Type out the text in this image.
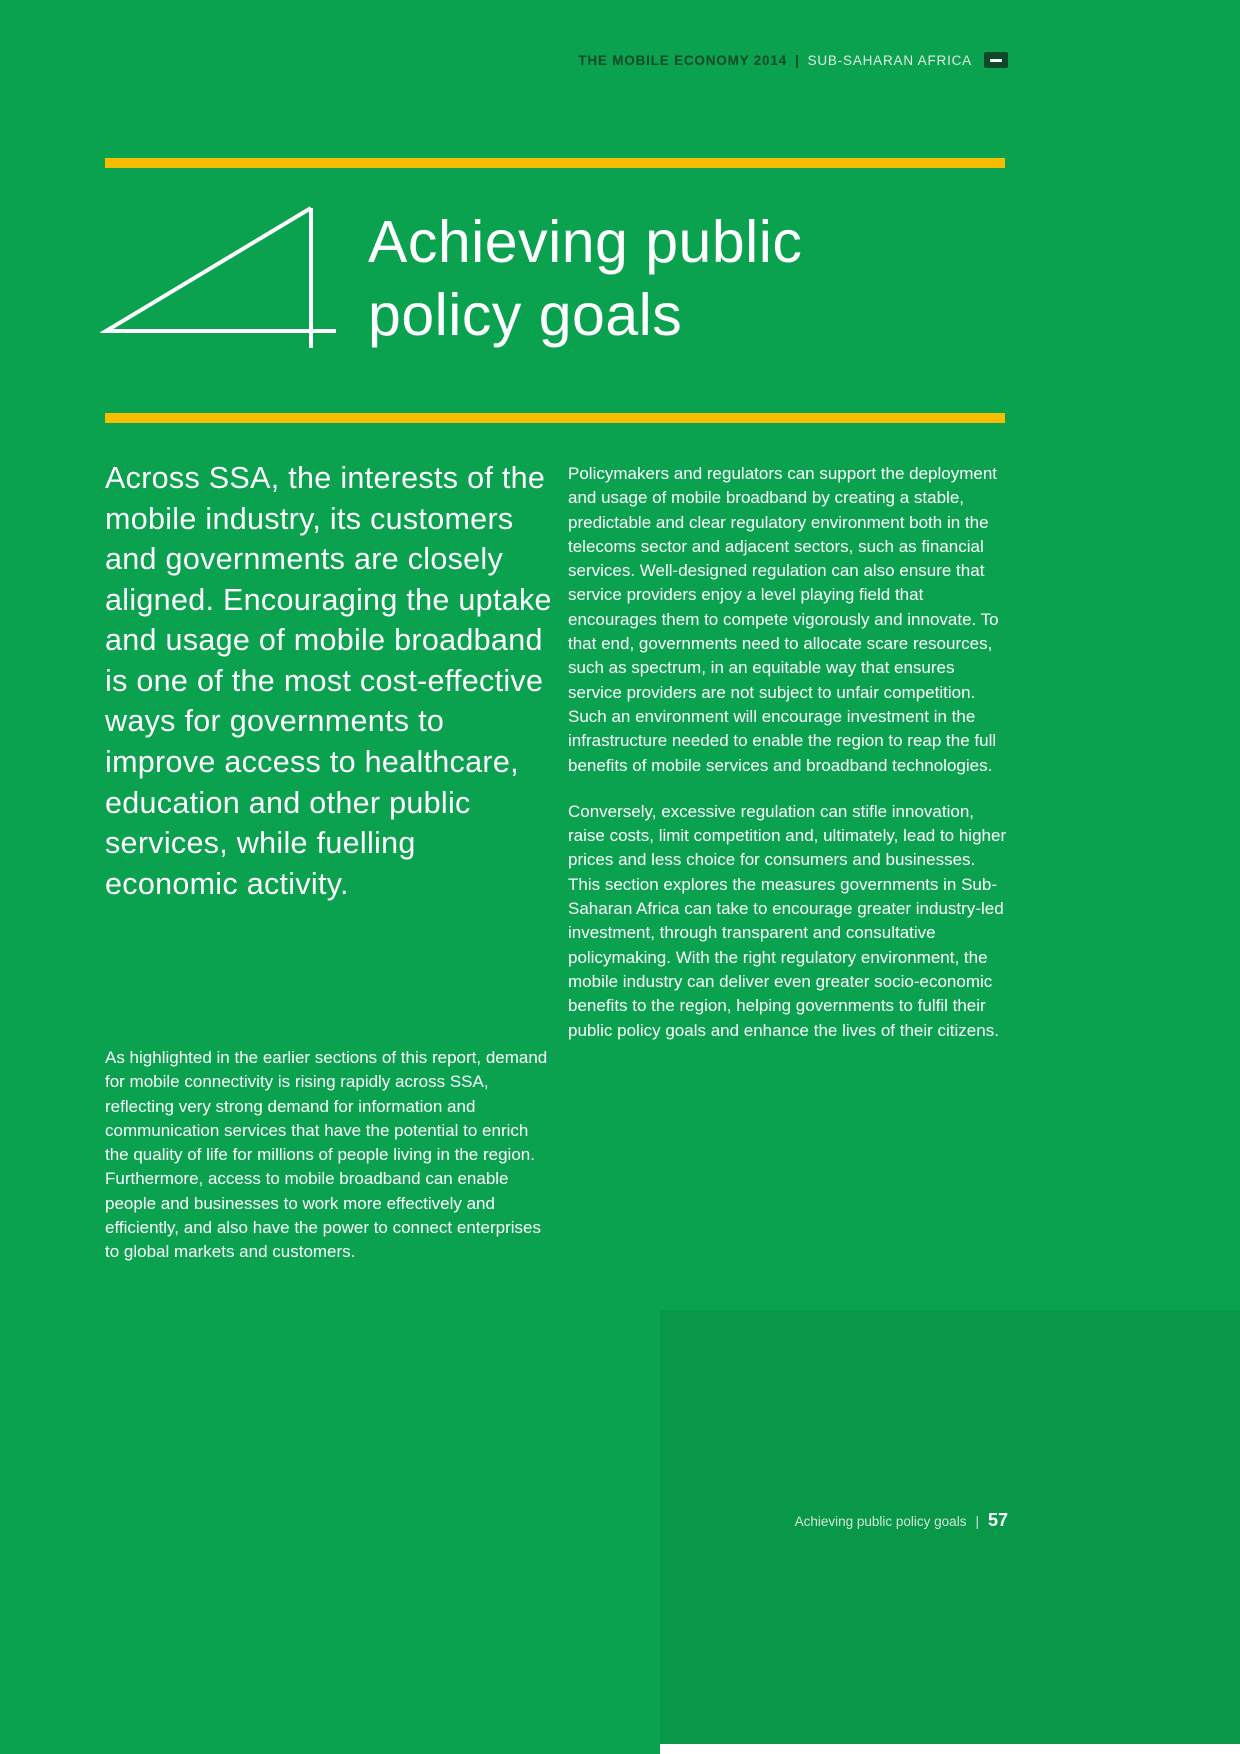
THE MOBILE ECONOMY 2014 | SUB-SAHARAN AFRICA
Achieving public
policy goals
Across SSA, the interests of the mobile industry, its customers and governments are closely aligned. Encouraging the uptake and usage of mobile broadband is one of the most cost-effective ways for governments to improve access to healthcare, education and other public services, while fuelling economic activity.

As highlighted in the earlier sections of this report, demand for mobile connectivity is rising rapidly across SSA, reflecting very strong demand for information and communication services that have the potential to enrich the quality of life for millions of people living in the region. Furthermore, access to mobile broadband can enable people and businesses to work more effectively and efficiently, and also have the power to connect enterprises to global markets and customers.

Policymakers and regulators can support the deployment and usage of mobile broadband by creating a stable, predictable and clear regulatory environment both in the telecoms sector and adjacent sectors, such as financial services. Well-designed regulation can also ensure that service providers enjoy a level playing field that encourages them to compete vigorously and innovate. To that end, governments need to allocate scare resources, such as spectrum, in an equitable way that ensures service providers are not subject to unfair competition. Such an environment will encourage investment in the infrastructure needed to enable the region to reap the full benefits of mobile services and broadband technologies.

Conversely, excessive regulation can stifle innovation, raise costs, limit competition and, ultimately, lead to higher prices and less choice for consumers and businesses. This section explores the measures governments in Sub-Saharan Africa can take to encourage greater industry-led investment, through transparent and consultative policymaking. With the right regulatory environment, the mobile industry can deliver even greater socio-economic benefits to the region, helping governments to fulfil their public policy goals and enhance the lives of their citizens.

Achieving public policy goals | 57
